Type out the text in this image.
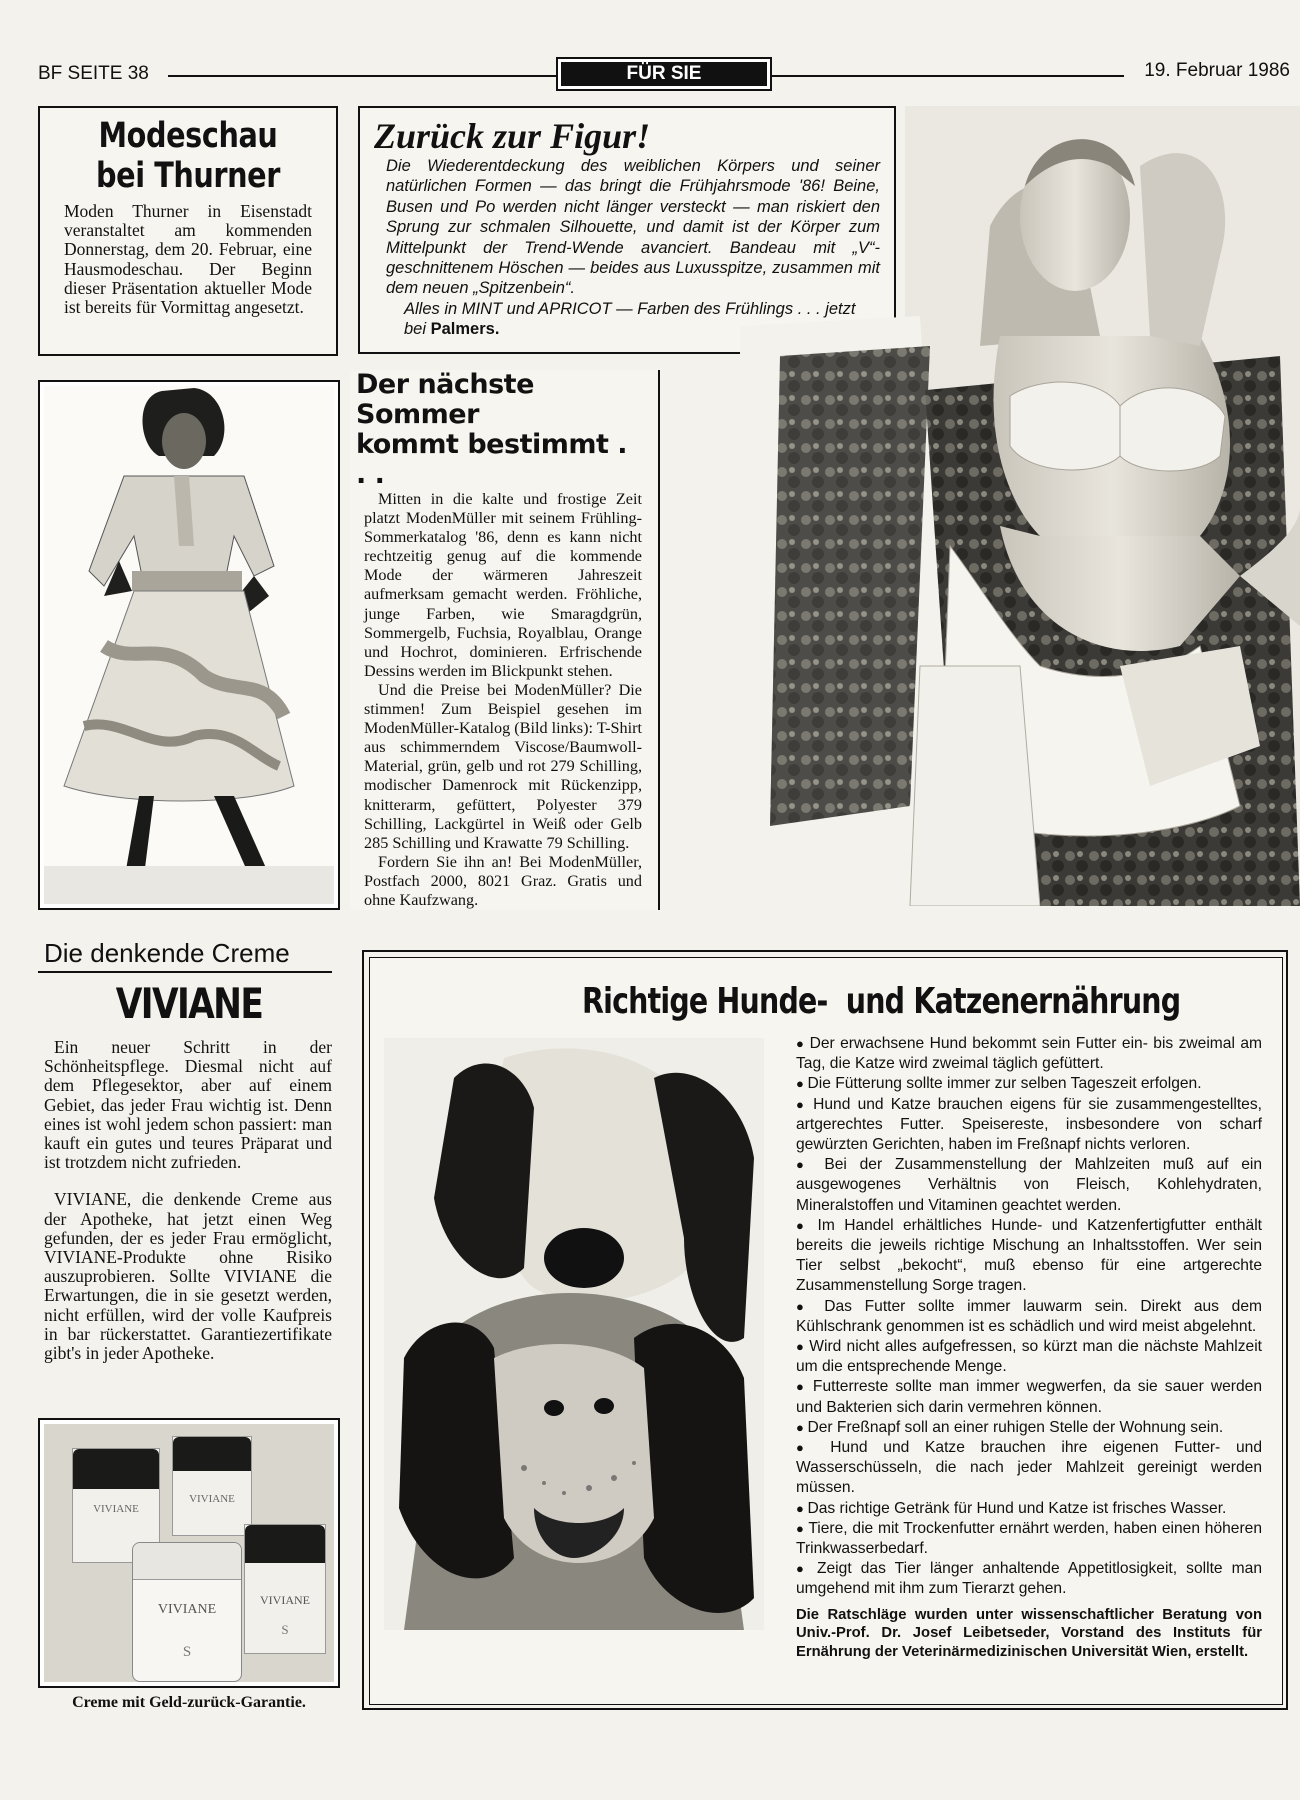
BF SEITE 38	FÜR SIE	19. Februar 1986
Modeschau
bei Thurner

Moden Thurner in Eisenstadt veranstaltet am kommenden Donnerstag, dem 20. Februar, eine Hausmodeschau. Der Beginn dieser Präsentation aktueller Mode ist bereits für Vormittag angesetzt.

Zurück zur Figur!

Die Wiederentdeckung des weiblichen Körpers und seiner natürlichen Formen — das bringt die Frühjahrsmode '86! Beine, Busen und Po werden nicht länger versteckt — man riskiert den Sprung zur schmalen Silhouette, und damit ist der Körper zum Mittelpunkt der Trend-Wende avanciert. Bandeau mit „V“-geschnittenem Höschen — beides aus Luxusspitze, zusammen mit dem neuen „Spitzenbein“.

Alles in MINT und APRICOT — Farben des Frühlings . . . jetzt bei Palmers.

Der nächste Sommer
kommt bestimmt . . .

Mitten in die kalte und frostige Zeit platzt ModenMüller mit seinem Frühling-Sommerkatalog '86, denn es kann nicht rechtzeitig genug auf die kommende Mode der wärmeren Jahreszeit aufmerksam gemacht werden. Fröhliche, junge Farben, wie Smaragdgrün, Sommergelb, Fuchsia, Royalblau, Orange und Hochrot, dominieren. Erfrischende Dessins werden im Blickpunkt stehen.

Und die Preise bei ModenMüller? Die stimmen! Zum Beispiel gesehen im ModenMüller-Katalog (Bild links): T-Shirt aus schimmerndem Viscose/Baumwoll-Material, grün, gelb und rot 279 Schilling, modischer Damenrock mit Rückenzipp, knitterarm, gefüttert, Polyester 379 Schilling, Lackgürtel in Weiß oder Gelb 285 Schilling und Krawatte 79 Schilling.

Fordern Sie ihn an! Bei ModenMüller, Postfach 2000, 8021 Graz. Gratis und ohne Kaufzwang.

Die denkende Creme
VIVIANE

Ein neuer Schritt in der Schönheitspflege. Diesmal nicht auf dem Pflegesektor, aber auf einem Gebiet, das jeder Frau wichtig ist. Denn eines ist wohl jedem schon passiert: man kauft ein gutes und teures Präparat und ist trotzdem nicht zufrieden.

VIVIANE, die denkende Creme aus der Apotheke, hat jetzt einen Weg gefunden, der es jeder Frau ermöglicht, VIVIANE-Produkte ohne Risiko auszuprobieren. Sollte VIVIANE die Erwartungen, die in sie gesetzt werden, nicht erfüllen, wird der volle Kaufpreis in bar rückerstattet. Garantiezertifikate gibt's in jeder Apotheke.

VIVIANE
VIVIANE
VIVIANE
S
VIVIANE
S
Creme mit Geld-zurück-Garantie.
Richtige Hunde-  und Katzenernährung

● Der erwachsene Hund bekommt sein Futter ein- bis zweimal am Tag, die Katze wird zweimal täglich gefüttert.

● Die Fütterung sollte immer zur selben Tageszeit erfolgen.

● Hund und Katze brauchen eigens für sie zusammengestelltes, artgerechtes Futter. Speisereste, insbesondere von scharf gewürzten Gerichten, haben im Freßnapf nichts verloren.

● Bei der Zusammenstellung der Mahlzeiten muß auf ein ausgewogenes Verhältnis von Fleisch, Kohlehydraten, Mineralstoffen und Vitaminen geachtet werden.

● Im Handel erhältliches Hunde- und Katzenfertigfutter enthält bereits die jeweils richtige Mischung an Inhaltsstoffen. Wer sein Tier selbst „bekocht“, muß ebenso für eine artgerechte Zusammenstellung Sorge tragen.

● Das Futter sollte immer lauwarm sein. Direkt aus dem Kühlschrank genommen ist es schädlich und wird meist abgelehnt.

● Wird nicht alles aufgefressen, so kürzt man die nächste Mahlzeit um die entsprechende Menge.

● Futterreste sollte man immer wegwerfen, da sie sauer werden und Bakterien sich darin vermehren können.

● Der Freßnapf soll an einer ruhigen Stelle der Wohnung sein.

● Hund und Katze brauchen ihre eigenen Futter- und Wasserschüsseln, die nach jeder Mahlzeit gereinigt werden müssen.

● Das richtige Getränk für Hund und Katze ist frisches Wasser.

● Tiere, die mit Trockenfutter ernährt werden, haben einen höheren Trinkwasserbedarf.

● Zeigt das Tier länger anhaltende Appetitlosigkeit, sollte man umgehend mit ihm zum Tierarzt gehen.

Die Ratschläge wurden unter wissenschaftlicher Beratung von Univ.-Prof. Dr. Josef Leibetseder, Vorstand des Instituts für Ernährung der Veterinärmedizinischen Universität Wien, erstellt.
